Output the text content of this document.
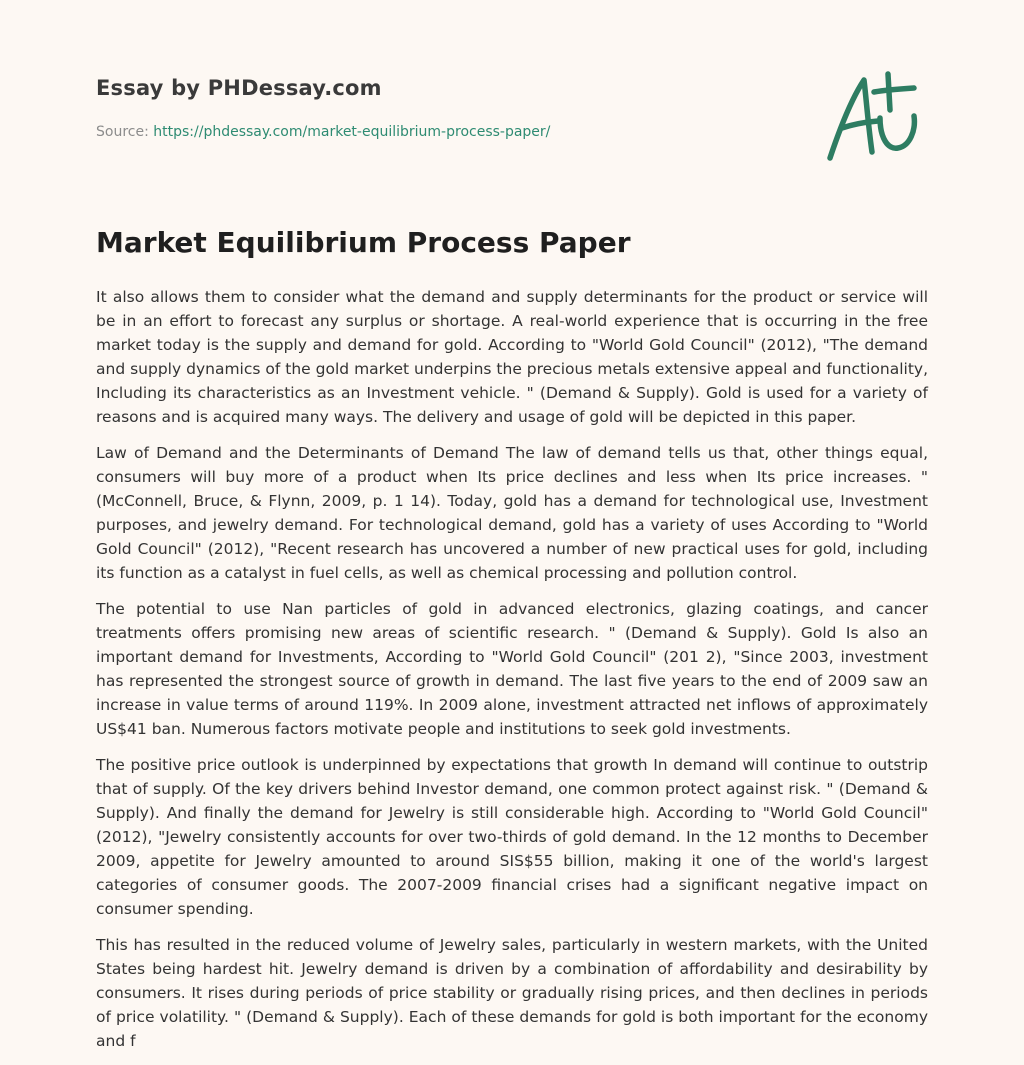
Essay by PHDessay.com
Source: https://phdessay.com/market-equilibrium-process-paper/
Market Equilibrium Process Paper

It also allows them to consider what the demand and supply determinants for the product or service will be in an effort to forecast any surplus or shortage. A real-world experience that is occurring in the free market today is the supply and demand for gold. According to "World Gold Council" (2012), "The demand and supply dynamics of the gold market underpins the precious metals extensive appeal and functionality, Including its characteristics as an Investment vehicle. " (Demand & Supply). Gold is used for a variety of reasons and is acquired many ways. The delivery and usage of gold will be depicted in this paper.

Law of Demand and the Determinants of Demand The law of demand tells us that, other things equal, consumers will buy more of a product when Its price declines and less when Its price increases. " (McConnell, Bruce, & Flynn, 2009, p. 1 14). Today, gold has a demand for technological use, Investment purposes, and jewelry demand. For technological demand, gold has a variety of uses According to "World Gold Council" (2012), "Recent research has uncovered a number of new practical uses for gold, including its function as a catalyst in fuel cells, as well as chemical processing and pollution control.

The potential to use Nan particles of gold in advanced electronics, glazing coatings, and cancer treatments offers promising new areas of scientific research. " (Demand & Supply). Gold Is also an important demand for Investments, According to "World Gold Council" (201 2), "Since 2003, investment has represented the strongest source of growth in demand. The last five years to the end of 2009 saw an increase in value terms of around 119%. In 2009 alone, investment attracted net inflows of approximately US$41 ban. Numerous factors motivate people and institutions to seek gold investments.

The positive price outlook is underpinned by expectations that growth In demand will continue to outstrip that of supply. Of the key drivers behind Investor demand, one common protect against risk. " (Demand & Supply). And finally the demand for Jewelry is still considerable high. According to "World Gold Council" (2012), "Jewelry consistently accounts for over two-thirds of gold demand. In the 12 months to December 2009, appetite for Jewelry amounted to around SIS$55 billion, making it one of the world's largest categories of consumer goods. The 2007-2009 financial crises had a significant negative impact on consumer spending.

This has resulted in the reduced volume of Jewelry sales, particularly in western markets, with the United States being hardest hit. Jewelry demand is driven by a combination of affordability and desirability by consumers. It rises during periods of price stability or gradually rising prices, and then declines in periods of price volatility. " (Demand & Supply). Each of these demands for gold is both important for the economy and f
